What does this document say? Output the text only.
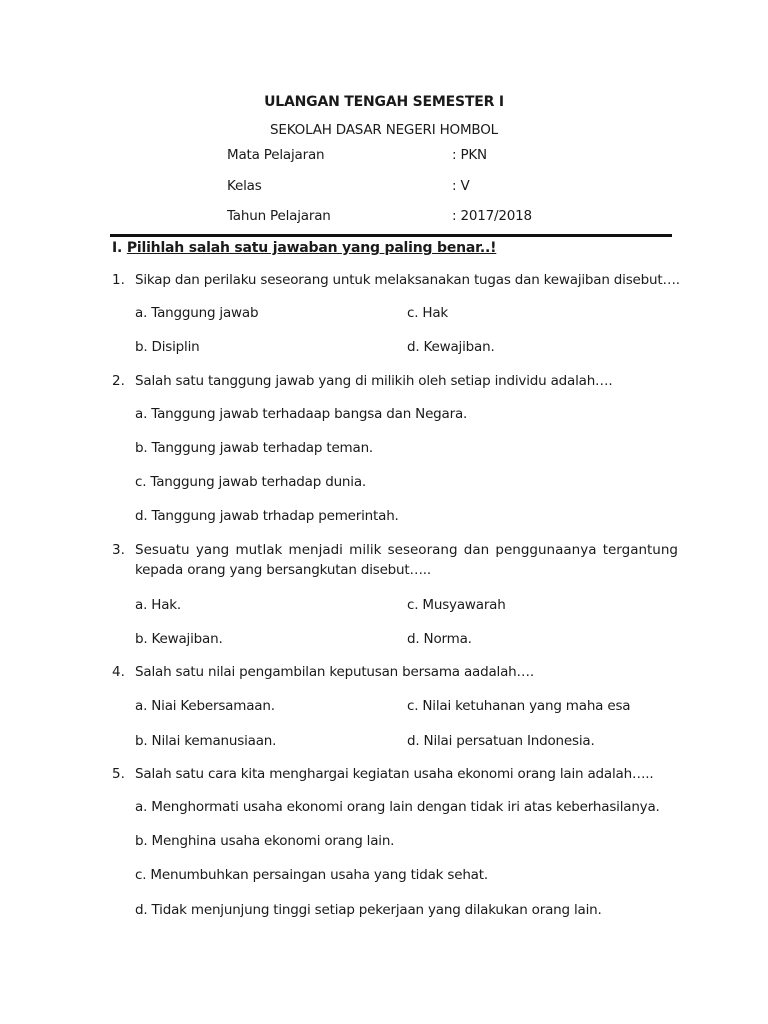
ULANGAN TENGAH SEMESTER I
SEKOLAH DASAR NEGERI HOMBOL
Mata Pelajaran	: PKN
Kelas	: V
Tahun Pelajaran	: 2017/2018
I. Pilihlah salah satu jawaban yang paling benar..!
1. Sikap dan perilaku seseorang untuk melaksanakan tugas dan kewajiban disebut….
a. Tanggung jawab	c. Hak
b. Disiplin	d. Kewajiban.
2. Salah satu tanggung jawab yang di milikih oleh setiap individu adalah….
a. Tanggung jawab terhadaap bangsa dan Negara.
b. Tanggung jawab terhadap teman.
c. Tanggung jawab terhadap dunia.
d. Tanggung jawab trhadap pemerintah.
3. Sesuatu yang mutlak menjadi milik seseorang dan penggunaanya tergantung
kepada orang yang bersangkutan disebut…..
a. Hak.	c. Musyawarah
b. Kewajiban.	d. Norma.
4. Salah satu nilai pengambilan keputusan bersama aadalah….
a. Niai Kebersamaan.	c. Nilai ketuhanan yang maha esa
b. Nilai kemanusiaan.	d. Nilai persatuan Indonesia.
5. Salah satu cara kita menghargai kegiatan usaha ekonomi orang lain adalah…..
a. Menghormati usaha ekonomi orang lain dengan tidak iri atas keberhasilanya.
b. Menghina usaha ekonomi orang lain.
c. Menumbuhkan persaingan usaha yang tidak sehat.
d. Tidak menjunjung tinggi setiap pekerjaan yang dilakukan orang lain.
